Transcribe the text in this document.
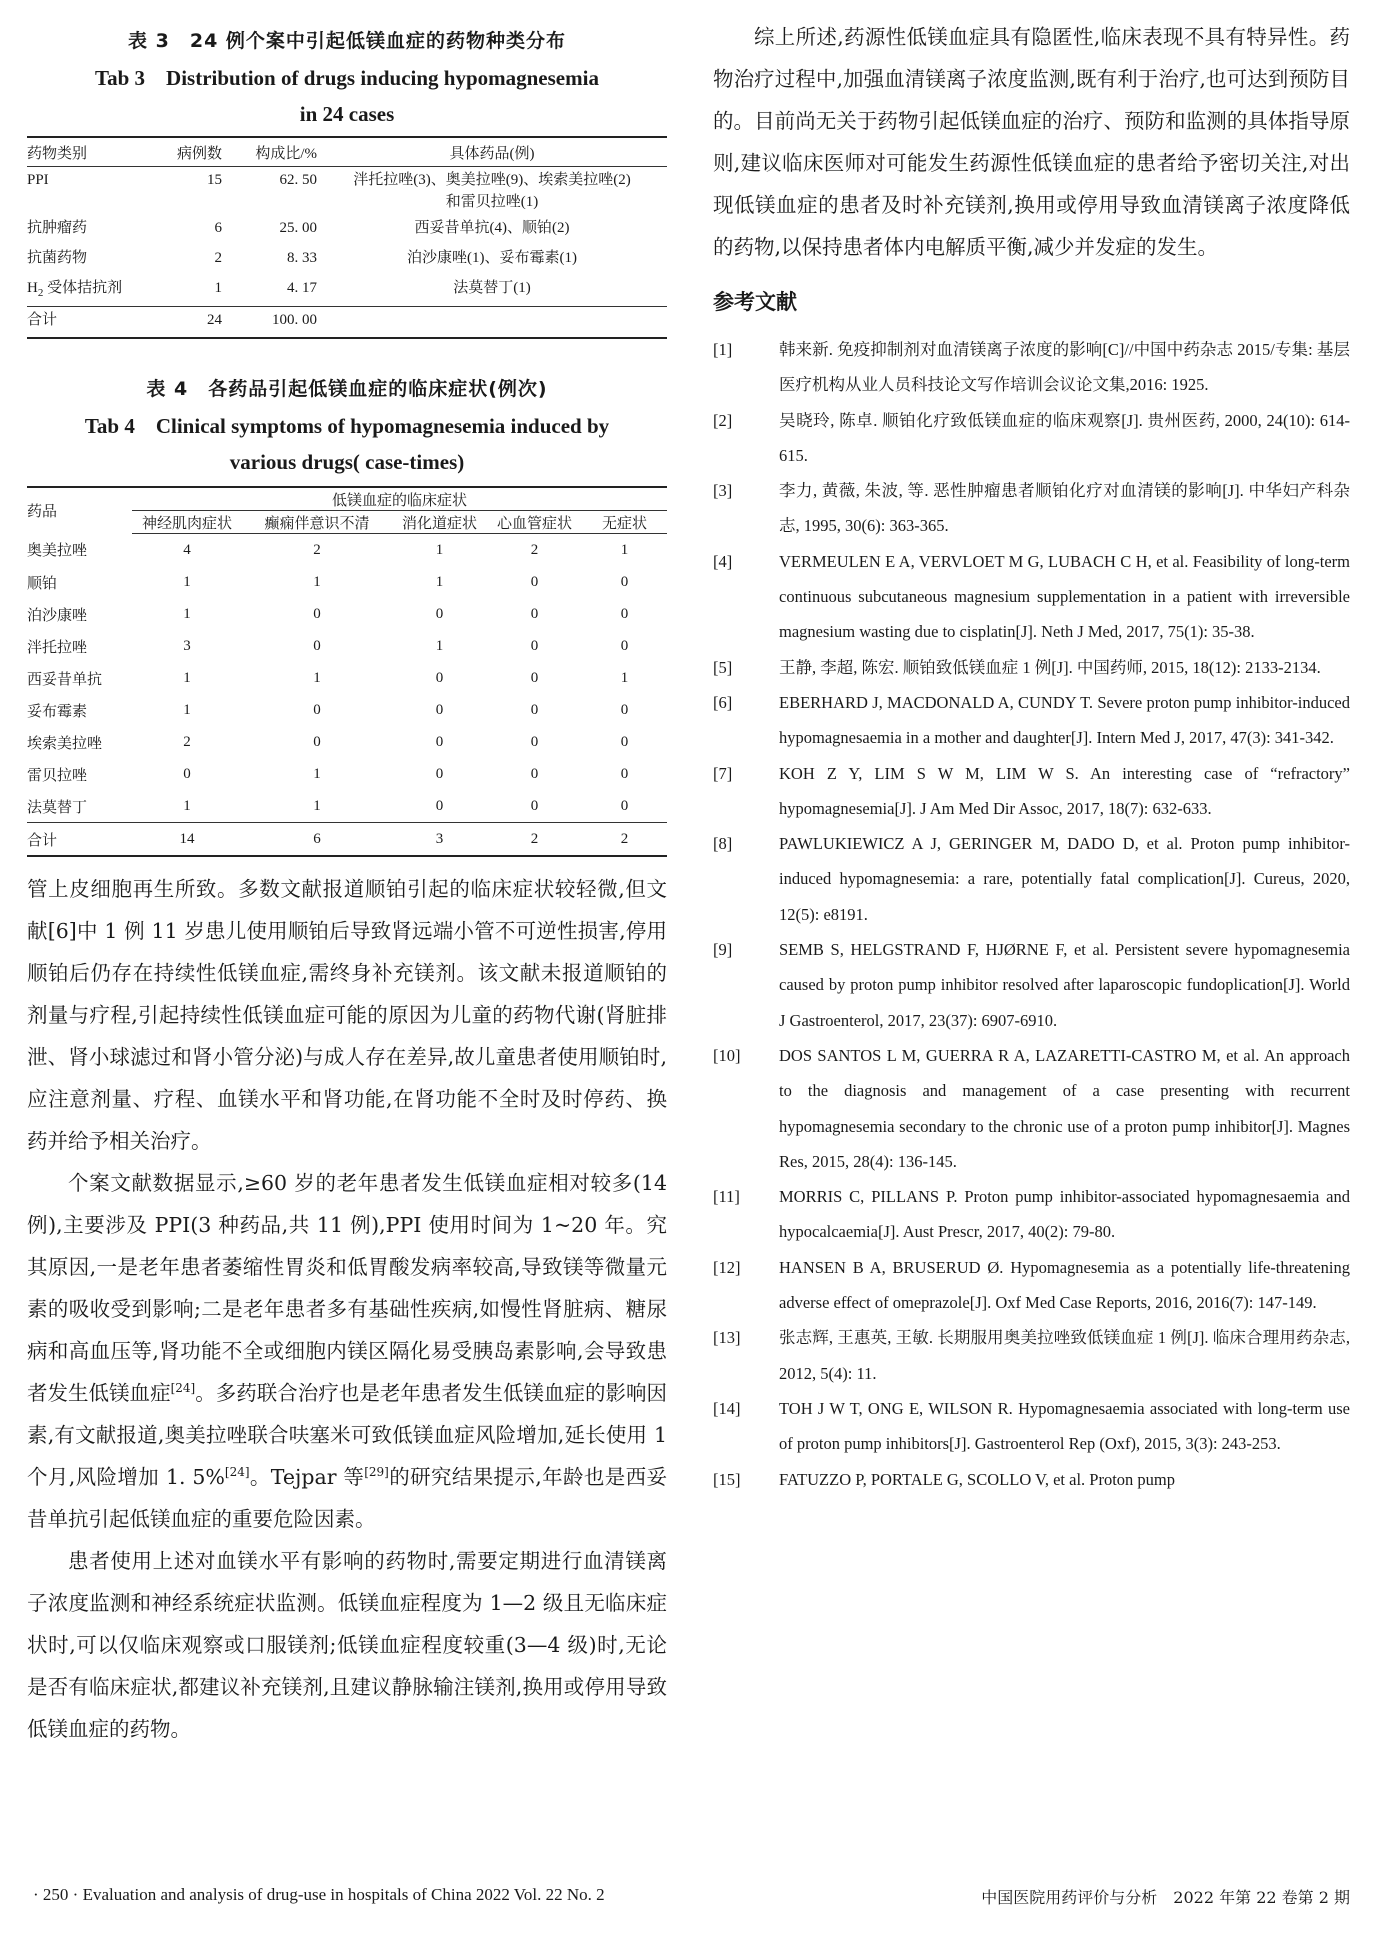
表 3　24 例个案中引起低镁血症的药物种类分布
Tab 3　Distribution of drugs inducing hypomagnesemia
in 24 cases
药物类别	病例数	构成比/%	具体药品(例)
PPI	15	62. 50	泮托拉唑(3)、奥美拉唑(9)、埃索美拉唑(2)
和雷贝拉唑(1)

抗肿瘤药	6	25. 00	西妥昔单抗(4)、顺铂(2)
抗菌药物	2	8. 33	泊沙康唑(1)、妥布霉素(1)
$H_2$ 受体拮抗剂	1	4. 17	法莫替丁(1)
合计	24	100. 00	
表 4　各药品引起低镁血症的临床症状(例次)
Tab 4　Clinical symptoms of hypomagnesemia induced by
various drugs( case-times)
药品	低镁血症的临床症状				
	神经肌肉症状	癫痫伴意识不清	消化道症状	心血管症状	无症状
奥美拉唑	4	2	1	2	1
顺铂	1	1	1	0	0
泊沙康唑	1	0	0	0	0
泮托拉唑	3	0	1	0	0
西妥昔单抗	1	1	0	0	1
妥布霉素	1	0	0	0	0
埃索美拉唑	2	0	0	0	0
雷贝拉唑	0	1	0	0	0
法莫替丁	1	1	0	0	0
合计	14	6	3	2	2

管上皮细胞再生所致。多数文献报道顺铂引起的临床症状较轻微,但文献[6]中 1 例 11 岁患儿使用顺铂后导致肾远端小管不可逆性损害,停用顺铂后仍存在持续性低镁血症,需终身补充镁剂。该文献未报道顺铂的剂量与疗程,引起持续性低镁血症可能的原因为儿童的药物代谢(肾脏排泄、肾小球滤过和肾小管分泌)与成人存在差异,故儿童患者使用顺铂时,应注意剂量、疗程、血镁水平和肾功能,在肾功能不全时及时停药、换药并给予相关治疗。

个案文献数据显示,≥60 岁的老年患者发生低镁血症相对较多(14 例),主要涉及 PPI(3 种药品,共 11 例),PPI 使用时间为 1~20 年。究其原因,一是老年患者萎缩性胃炎和低胃酸发病率较高,导致镁等微量元素的吸收受到影响;二是老年患者多有基础性疾病,如慢性肾脏病、糖尿病和高血压等,肾功能不全或细胞内镁区隔化易受胰岛素影响,会导致患者发生低镁血症[24]。多药联合治疗也是老年患者发生低镁血症的影响因素,有文献报道,奥美拉唑联合呋塞米可致低镁血症风险增加,延长使用 1 个月,风险增加 1. 5%[24]。Tejpar 等[29]的研究结果提示,年龄也是西妥昔单抗引起低镁血症的重要危险因素。

患者使用上述对血镁水平有影响的药物时,需要定期进行血清镁离子浓度监测和神经系统症状监测。低镁血症程度为 1—2 级且无临床症状时,可以仅临床观察或口服镁剂;低镁血症程度较重(3—4 级)时,无论是否有临床症状,都建议补充镁剂,且建议静脉输注镁剂,换用或停用导致低镁血症的药物。

综上所述,药源性低镁血症具有隐匿性,临床表现不具有特异性。药物治疗过程中,加强血清镁离子浓度监测,既有利于治疗,也可达到预防目的。目前尚无关于药物引起低镁血症的治疗、预防和监测的具体指导原则,建议临床医师对可能发生药源性低镁血症的患者给予密切关注,对出现低镁血症的患者及时补充镁剂,换用或停用导致血清镁离子浓度降低的药物,以保持患者体内电解质平衡,减少并发症的发生。

参考文献
[1]	韩来新. 免疫抑制剂对血清镁离子浓度的影响[C]//中国中药杂志 2015/专集: 基层医疗机构从业人员科技论文写作培训会议论文集,2016: 1925.
[2]	吴晓玲, 陈卓. 顺铂化疗致低镁血症的临床观察[J]. 贵州医药, 2000, 24(10): 614-615.
[3]	李力, 黄薇, 朱波, 等. 恶性肿瘤患者顺铂化疗对血清镁的影响[J]. 中华妇产科杂志, 1995, 30(6): 363-365.
[4]	VERMEULEN E A, VERVLOET M G, LUBACH C H, et al. Feasibility of long-term continuous subcutaneous magnesium supplementation in a patient with irreversible magnesium wasting due to cisplatin[J]. Neth J Med, 2017, 75(1): 35-38.
[5]	王静, 李超, 陈宏. 顺铂致低镁血症 1 例[J]. 中国药师, 2015, 18(12): 2133-2134.
[6]	EBERHARD J, MACDONALD A, CUNDY T. Severe proton pump inhibitor-induced hypomagnesaemia in a mother and daughter[J]. Intern Med J, 2017, 47(3): 341-342.
[7]	KOH Z Y, LIM S W M, LIM W S. An interesting case of “refractory” hypomagnesemia[J]. J Am Med Dir Assoc, 2017, 18(7): 632-633.
[8]	PAWLUKIEWICZ A J, GERINGER M, DADO D, et al. Proton pump inhibitor-induced hypomagnesemia: a rare, potentially fatal complication[J]. Cureus, 2020, 12(5): e8191.
[9]	SEMB S, HELGSTRAND F, HJØRNE F, et al. Persistent severe hypomagnesemia caused by proton pump inhibitor resolved after laparoscopic fundoplication[J]. World J Gastroenterol, 2017, 23(37): 6907-6910.
[10]	DOS SANTOS L M, GUERRA R A, LAZARETTI-CASTRO M, et al. An approach to the diagnosis and management of a case presenting with recurrent hypomagnesemia secondary to the chronic use of a proton pump inhibitor[J]. Magnes Res, 2015, 28(4): 136-145.
[11]	MORRIS C, PILLANS P. Proton pump inhibitor-associated hypomagnesaemia and hypocalcaemia[J]. Aust Prescr, 2017, 40(2): 79-80.
[12]	HANSEN B A, BRUSERUD Ø. Hypomagnesemia as a potentially life-threatening adverse effect of omeprazole[J]. Oxf Med Case Reports, 2016, 2016(7): 147-149.
[13]	张志辉, 王惠英, 王敏. 长期服用奥美拉唑致低镁血症 1 例[J]. 临床合理用药杂志, 2012, 5(4): 11.
[14]	TOH J W T, ONG E, WILSON R. Hypomagnesaemia associated with long-term use of proton pump inhibitors[J]. Gastroenterol Rep (Oxf), 2015, 3(3): 243-253.
[15]	FATUZZO P, PORTALE G, SCOLLO V, et al. Proton pump
· 250 · Evaluation and analysis of drug-use in hospitals of China 2022 Vol. 22 No. 2	中国医院用药评价与分析　2022 年第 22 卷第 2 期
